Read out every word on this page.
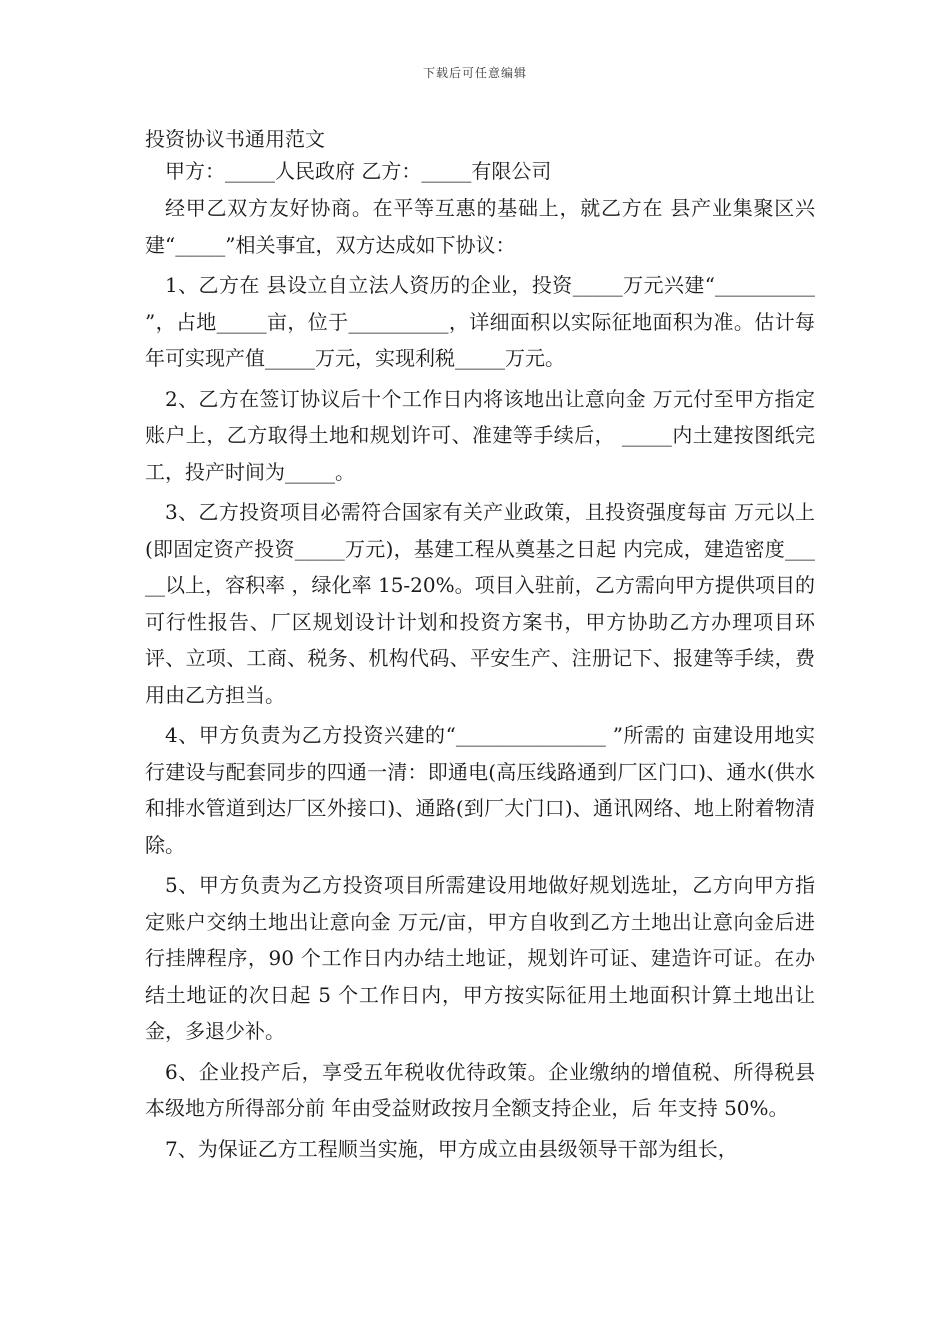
下载后可任意编辑
投资协议书通用范文
甲方：_____人民政府 乙方：_____有限公司

经甲乙双方友好协商。在平等互惠的基础上，就乙方在 县产业集聚区兴建“_____”相关事宜，双方达成如下协议：

1、乙方在 县设立自立法人资历的企业，投资_____万元兴建“__________ ”，占地_____亩，位于__________，详细面积以实际征地面积为准。估计每年可实现产值_____万元，实现利税_____万元。

2、乙方在签订协议后十个工作日内将该地出让意向金 万元付至甲方指定账户上，乙方取得土地和规划许可、准建等手续后， _____内土建按图纸完工，投产时间为_____。

3、乙方投资项目必需符合国家有关产业政策，且投资强度每亩 万元以上(即固定资产投资_____万元)，基建工程从奠基之日起 内完成，建造密度_____以上，容积率 ，绿化率 15-20%。项目入驻前，乙方需向甲方提供项目的可行性报告、厂区规划设计计划和投资方案书，甲方协助乙方办理项目环评、立项、工商、税务、机构代码、平安生产、注册记下、报建等手续，费用由乙方担当。

4、甲方负责为乙方投资兴建的“_______________ ”所需的 亩建设用地实行建设与配套同步的四通一清：即通电(高压线路通到厂区门口)、通水(供水和排水管道到达厂区外接口)、通路(到厂大门口)、通讯网络、地上附着物清除。

5、甲方负责为乙方投资项目所需建设用地做好规划选址，乙方向甲方指定账户交纳土地出让意向金 万元/亩，甲方自收到乙方土地出让意向金后进行挂牌程序，90 个工作日内办结土地证，规划许可证、建造许可证。在办结土地证的次日起 5 个工作日内，甲方按实际征用土地面积计算土地出让金，多退少补。

6、企业投产后，享受五年税收优待政策。企业缴纳的增值税、所得税县本级地方所得部分前 年由受益财政按月全额支持企业，后 年支持 50%。

7、为保证乙方工程顺当实施，甲方成立由县级领导干部为组长，
